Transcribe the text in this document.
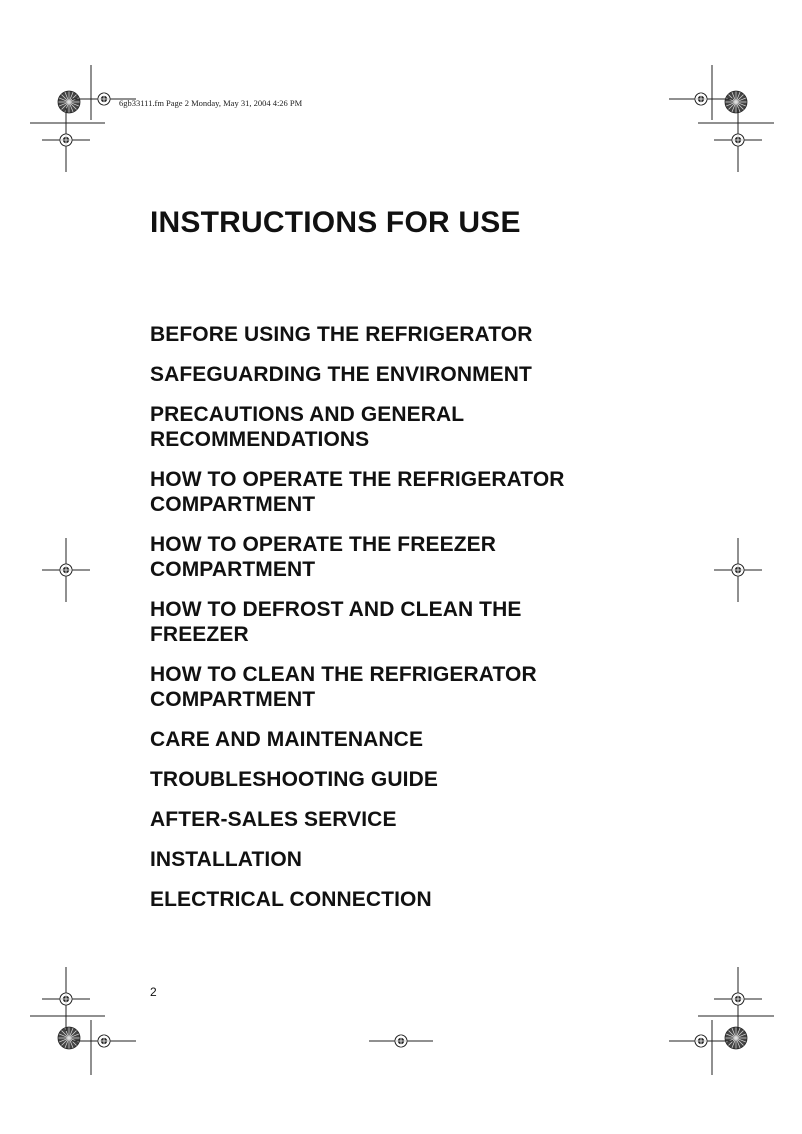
6gb33111.fm Page 2 Monday, May 31, 2004 4:26 PM
INSTRUCTIONS FOR USE
BEFORE USING THE REFRIGERATOR
SAFEGUARDING THE ENVIRONMENT
PRECAUTIONS AND GENERAL RECOMMENDATIONS
HOW TO OPERATE THE REFRIGERATOR COMPARTMENT
HOW TO OPERATE THE FREEZER COMPARTMENT
HOW TO DEFROST AND CLEAN THE FREEZER
HOW TO CLEAN THE REFRIGERATOR COMPARTMENT
CARE AND MAINTENANCE
TROUBLESHOOTING GUIDE
AFTER-SALES SERVICE
INSTALLATION
ELECTRICAL CONNECTION
2
